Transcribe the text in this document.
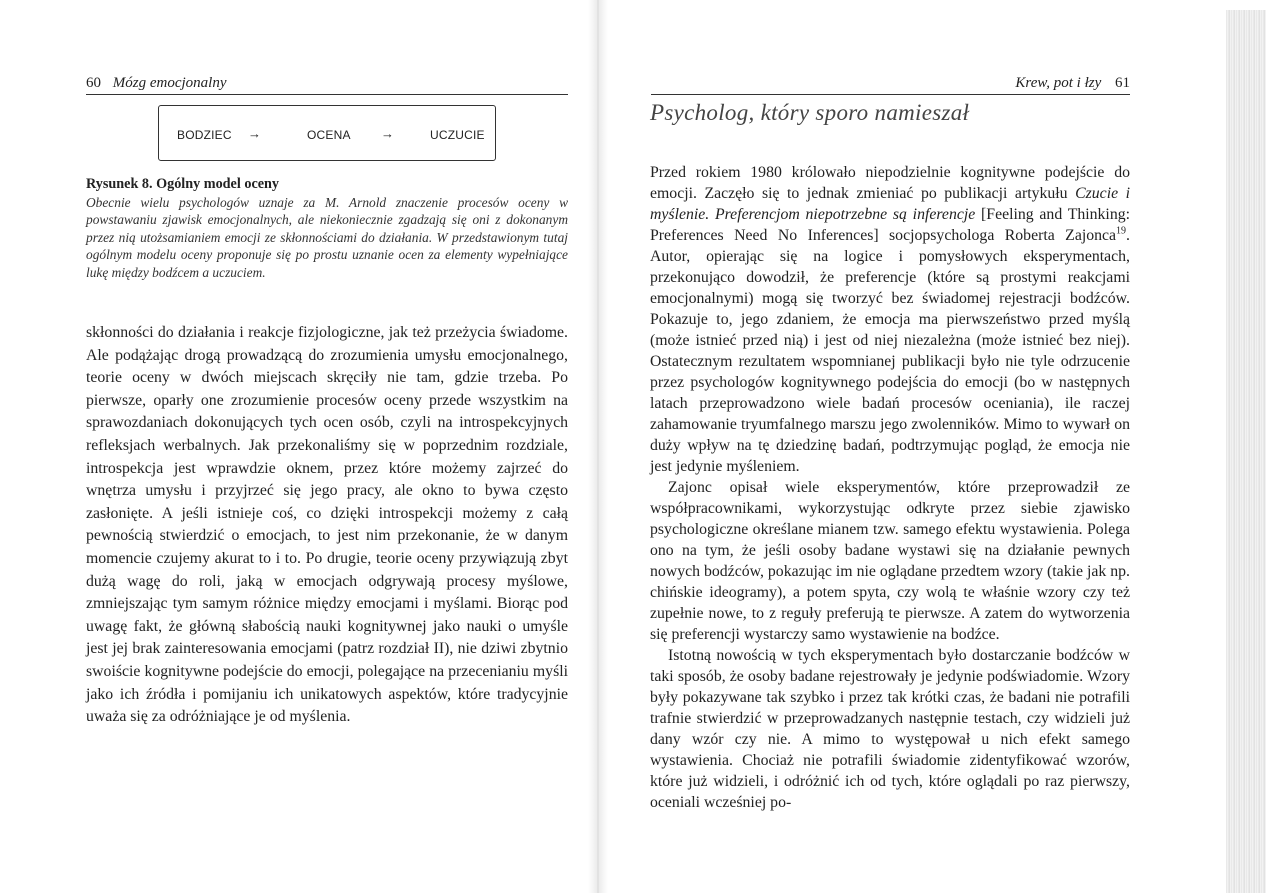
60 Mózg emocjonalny
BODZIEC →	OCENA →	UCZUCIE
Rysunek 8. Ogólny model oceny
Obecnie wielu psychologów uznaje za M. Arnold znaczenie procesów oceny w powstawaniu zjawisk emocjonalnych, ale niekoniecznie zgadzają się oni z dokonanym przez nią utożsamianiem emocji ze skłonnościami do działania. W przedstawionym tutaj ogólnym modelu oceny proponuje się po prostu uznanie ocen za elementy wypełniające lukę między bodźcem a uczuciem.

skłonności do działania i reakcje fizjologiczne, jak też przeżycia świadome. Ale podążając drogą prowadzącą do zrozumienia umysłu emocjonalnego, teorie oceny w dwóch miejscach skręciły nie tam, gdzie trzeba. Po pierwsze, oparły one zrozumienie procesów oceny przede wszystkim na sprawozdaniach dokonujących tych ocen osób, czyli na introspekcyjnych refleksjach werbalnych. Jak przekonaliśmy się w poprzednim rozdziale, introspekcja jest wprawdzie oknem, przez które możemy zajrzeć do wnętrza umysłu i przyjrzeć się jego pracy, ale okno to bywa często zasłonięte. A jeśli istnieje coś, co dzięki introspekcji możemy z całą pewnością stwierdzić o emocjach, to jest nim przekonanie, że w danym momencie czujemy akurat to i to. Po drugie, teorie oceny przywiązują zbyt dużą wagę do roli, jaką w emocjach odgrywają procesy myślowe, zmniejszając tym samym różnice między emocjami i myślami. Biorąc pod uwagę fakt, że główną słabością nauki kognitywnej jako nauki o umyśle jest jej brak zainteresowania emocjami (patrz rozdział II), nie dziwi zbytnio swoiście kognitywne podejście do emocji, polegające na przecenianiu myśli jako ich źródła i pomijaniu ich unikatowych aspektów, które tradycyjnie uważa się za odróżniające je od myślenia.

Krew, pot i łzy 61
Psycholog, który sporo namieszał

Przed rokiem 1980 królowało niepodzielnie kognitywne podejście do emocji. Zaczęło się to jednak zmieniać po publikacji artykułu Czucie i myślenie. Preferencjom niepotrzebne są inferencje [Feeling and Thinking: Preferences Need No Inferences] socjopsychologa Roberta Zajonca$^{19}$. Autor, opierając się na logice i pomysłowych eksperymentach, przekonująco dowodził, że preferencje (które są prostymi reakcjami emocjonalnymi) mogą się tworzyć bez świadomej rejestracji bodźców. Pokazuje to, jego zdaniem, że emocja ma pierwszeństwo przed myślą (może istnieć przed nią) i jest od niej niezależna (może istnieć bez niej). Ostatecznym rezultatem wspomnianej publikacji było nie tyle odrzucenie przez psychologów kognitywnego podejścia do emocji (bo w następnych latach przeprowadzono wiele badań procesów oceniania), ile raczej zahamowanie tryumfalnego marszu jego zwolenników. Mimo to wywarł on duży wpływ na tę dziedzinę badań, podtrzymując pogląd, że emocja nie jest jedynie myśleniem.

Zajonc opisał wiele eksperymentów, które przeprowadził ze współpracownikami, wykorzystując odkryte przez siebie zjawisko psychologiczne określane mianem tzw. samego efektu wystawienia. Polega ono na tym, że jeśli osoby badane wystawi się na działanie pewnych nowych bodźców, pokazując im nie oglądane przedtem wzory (takie jak np. chińskie ideogramy), a potem spyta, czy wolą te właśnie wzory czy też zupełnie nowe, to z reguły preferują te pierwsze. A zatem do wytworzenia się preferencji wystarczy samo wystawienie na bodźce.

Istotną nowością w tych eksperymentach było dostarczanie bodźców w taki sposób, że osoby badane rejestrowały je jedynie podświadomie. Wzory były pokazywane tak szybko i przez tak krótki czas, że badani nie potrafili trafnie stwierdzić w przeprowadzanych następnie testach, czy widzieli już dany wzór czy nie. A mimo to występował u nich efekt samego wystawienia. Chociaż nie potrafili świadomie zidentyfikować wzorów, które już widzieli, i odróżnić ich od tych, które oglądali po raz pierwszy, oceniali wcześniej po-
